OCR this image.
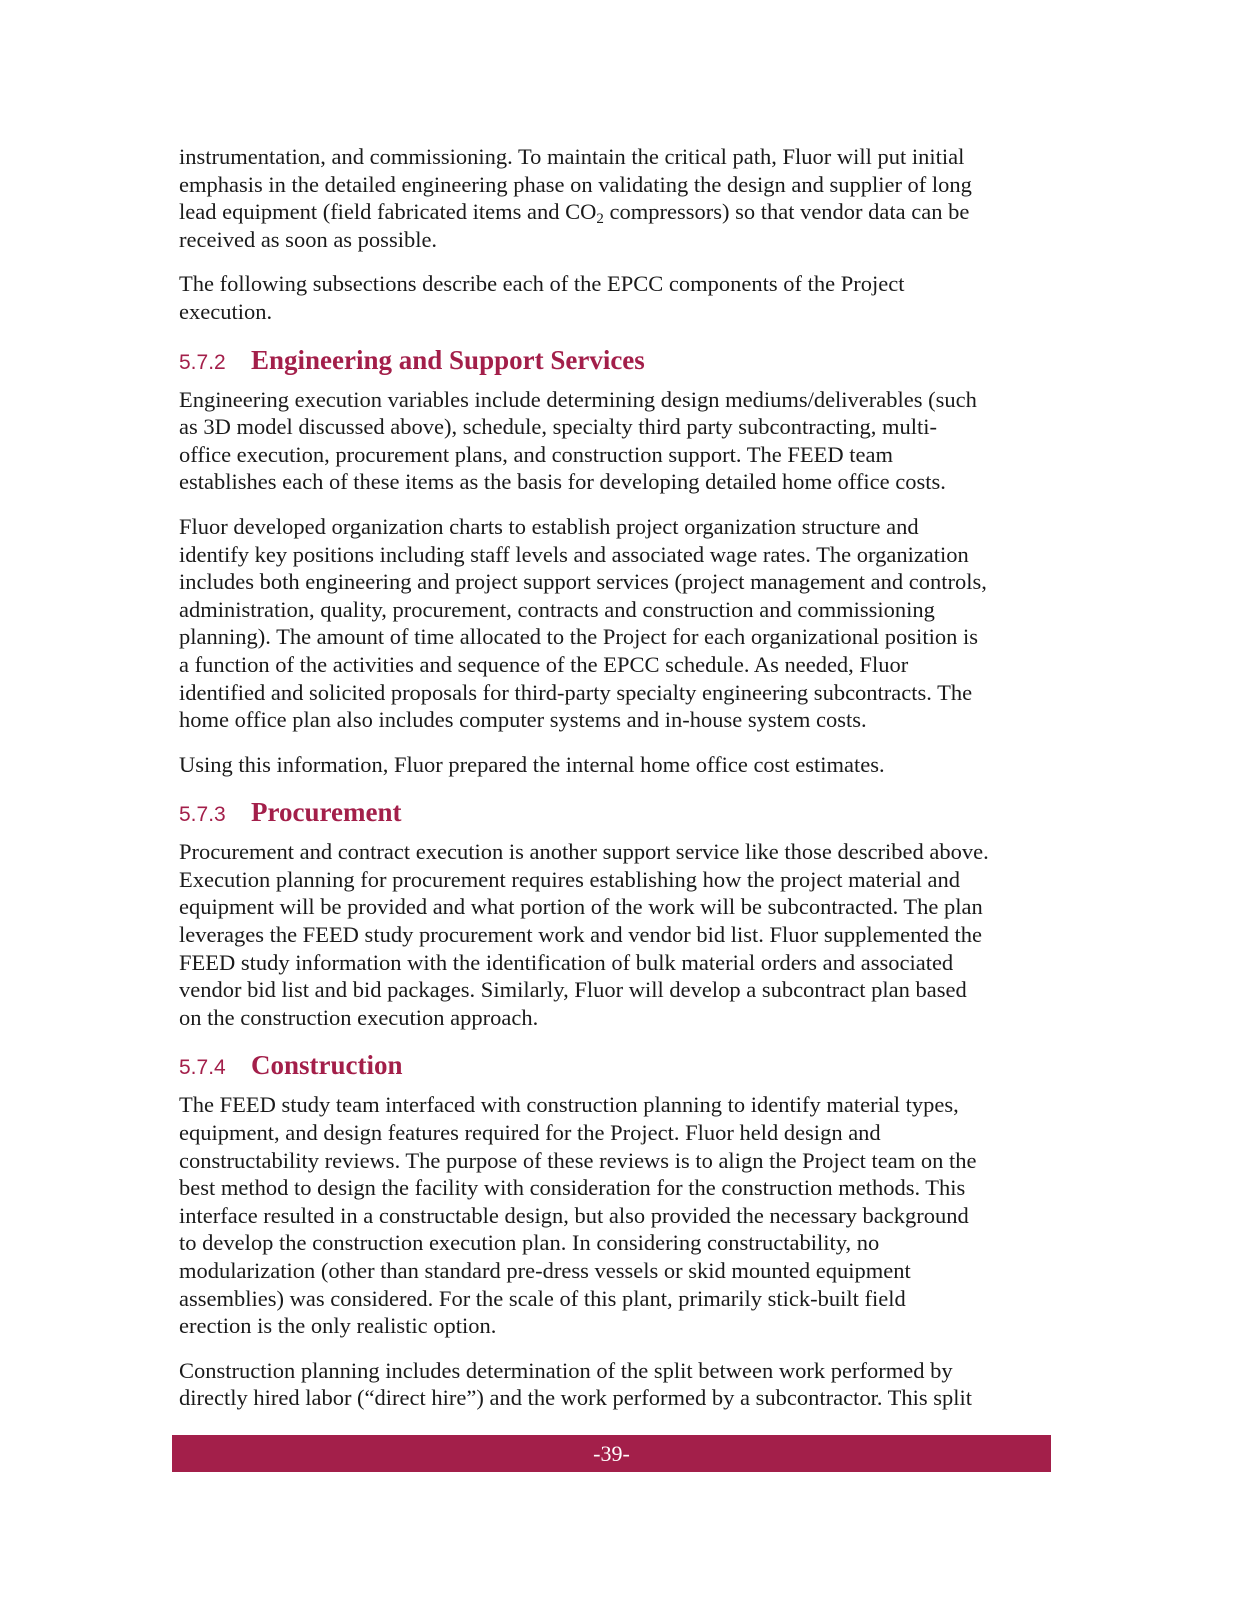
instrumentation, and commissioning. To maintain the critical path, Fluor will put initial
emphasis in the detailed engineering phase on validating the design and supplier of long
lead equipment (field fabricated items and $CO_2$ compressors) so that vendor data can be
received as soon as possible.
The following subsections describe each of the EPCC components of the Project
execution.
5.7.2 Engineering and Support Services
Engineering execution variables include determining design mediums/deliverables (such
as 3D model discussed above), schedule, specialty third party subcontracting, multi-
office execution, procurement plans, and construction support. The FEED team
establishes each of these items as the basis for developing detailed home office costs.
Fluor developed organization charts to establish project organization structure and
identify key positions including staff levels and associated wage rates. The organization
includes both engineering and project support services (project management and controls,
administration, quality, procurement, contracts and construction and commissioning
planning). The amount of time allocated to the Project for each organizational position is
a function of the activities and sequence of the EPCC schedule. As needed, Fluor
identified and solicited proposals for third-party specialty engineering subcontracts. The
home office plan also includes computer systems and in-house system costs.
Using this information, Fluor prepared the internal home office cost estimates.
5.7.3 Procurement
Procurement and contract execution is another support service like those described above.
Execution planning for procurement requires establishing how the project material and
equipment will be provided and what portion of the work will be subcontracted. The plan
leverages the FEED study procurement work and vendor bid list. Fluor supplemented the
FEED study information with the identification of bulk material orders and associated
vendor bid list and bid packages. Similarly, Fluor will develop a subcontract plan based
on the construction execution approach.
5.7.4 Construction
The FEED study team interfaced with construction planning to identify material types,
equipment, and design features required for the Project. Fluor held design and
constructability reviews. The purpose of these reviews is to align the Project team on the
best method to design the facility with consideration for the construction methods. This
interface resulted in a constructable design, but also provided the necessary background
to develop the construction execution plan. In considering constructability, no
modularization (other than standard pre-dress vessels or skid mounted equipment
assemblies) was considered. For the scale of this plant, primarily stick-built field
erection is the only realistic option.
Construction planning includes determination of the split between work performed by
directly hired labor (“direct hire”) and the work performed by a subcontractor. This split
-39-
